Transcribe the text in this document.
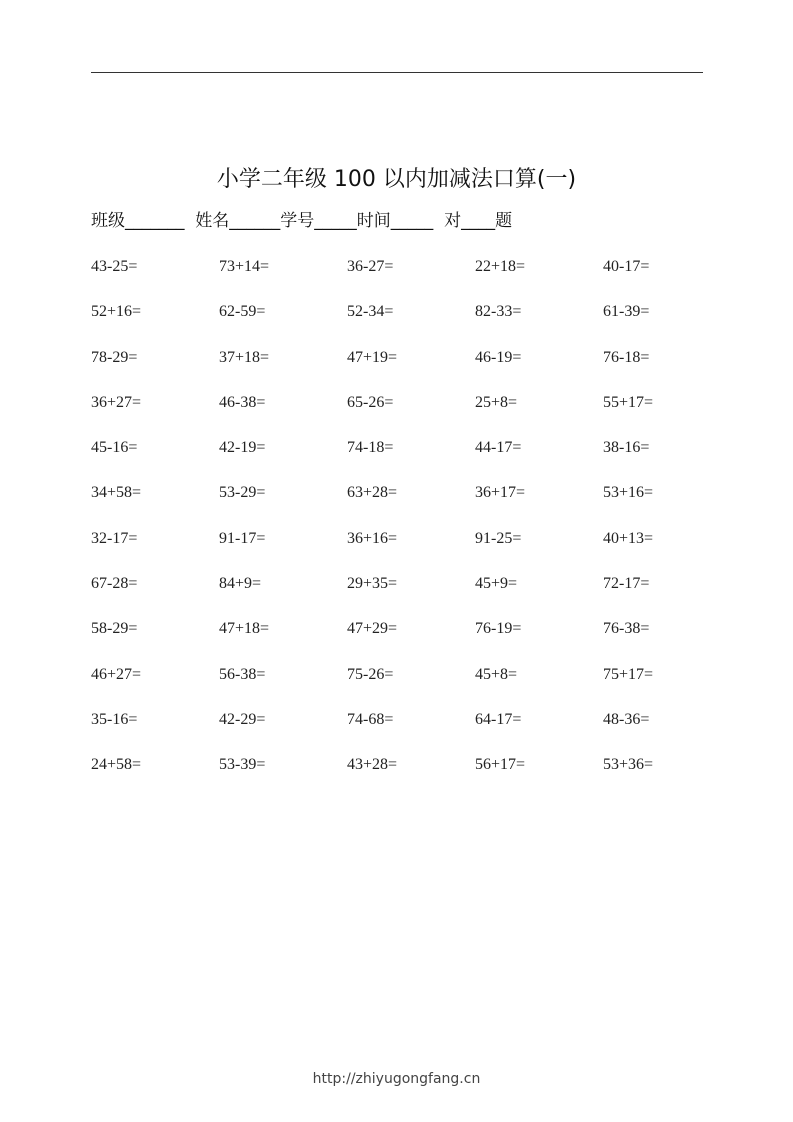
小学二年级 100 以内加减法口算(一)
班级_______  姓名______学号_____时间_____  对____题
43-25=	73+14=	36-27=	22+18=	40-17=
52+16=	62-59=	52-34=	82-33=	61-39=
78-29=	37+18=	47+19=	46-19=	76-18=
36+27=	46-38=	65-26=	25+8=	55+17=
45-16=	42-19=	74-18=	44-17=	38-16=
34+58=	53-29=	63+28=	36+17=	53+16=
32-17=	91-17=	36+16=	91-25=	40+13=
67-28=	84+9=	29+35=	45+9=	72-17=
58-29=	47+18=	47+29=	76-19=	76-38=
46+27=	56-38=	75-26=	45+8=	75+17=
35-16=	42-29=	74-68=	64-17=	48-36=
24+58=	53-39=	43+28=	56+17=	53+36=
http://zhiyugongfang.cn
